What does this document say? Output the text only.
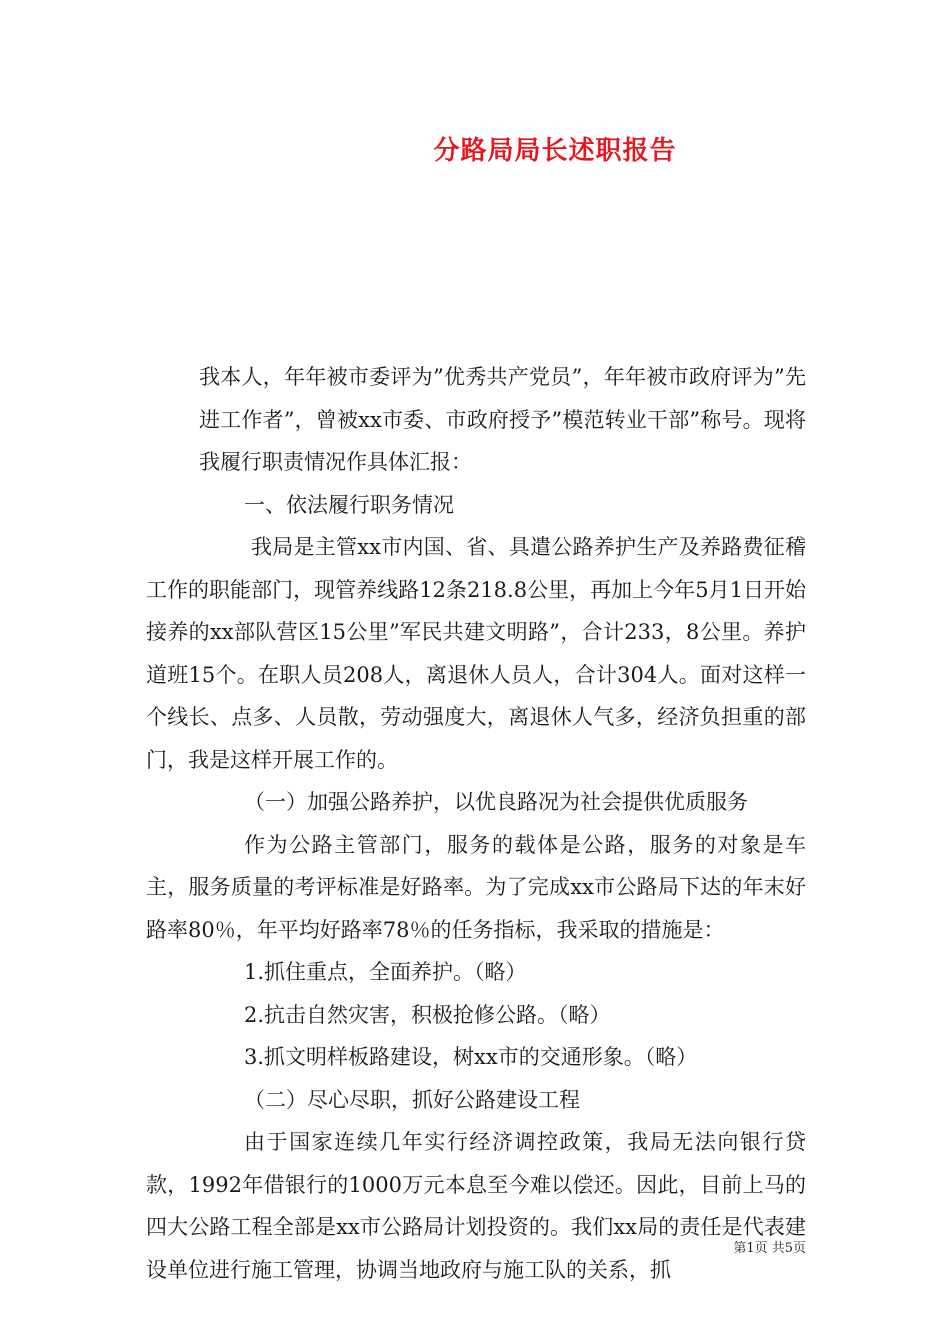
分路局局长述职报告

我本人，年年被市委评为”优秀共产党员”，年年被市政府评为”先进工作者”，曾被xx市委、市政府授予”模范转业干部”称号。现将我履行职责情况作具体汇报：

一、依法履行职务情况

我局是主管xx市内国、省、具遣公路养护生产及养路费征稽工作的职能部门，现管养线路12条218.8公里，再加上今年5月1日开始接养的xx部队营区15公里”军民共建文明路”，合计233，8公里。养护道班15个。在职人员208人，离退休人员人，合计304人。面对这样一个线长、点多、人员散，劳动强度大，离退休人气多，经济负担重的部门，我是这样开展工作的。

（一）加强公路养护，以优良路况为社会提供优质服务

作为公路主管部门，服务的载体是公路，服务的对象是车主，服务质量的考评标准是好路率。为了完成xx市公路局下达的年末好路率80％，年平均好路率78％的任务指标，我采取的措施是：

1.抓住重点，全面养护。（略）

2.抗击自然灾害，积极抢修公路。（略）

3.抓文明样板路建设，树xx市的交通形象。（略）

（二）尽心尽职，抓好公路建设工程

由于国家连续几年实行经济调控政策，我局无法向银行贷款，1992年借银行的1000万元本息至今难以偿还。因此，目前上马的四大公路工程全部是xx市公路局计划投资的。我们xx局的责任是代表建设单位进行施工管理，协调当地政府与施工队的关系，抓

第1页 共5页
